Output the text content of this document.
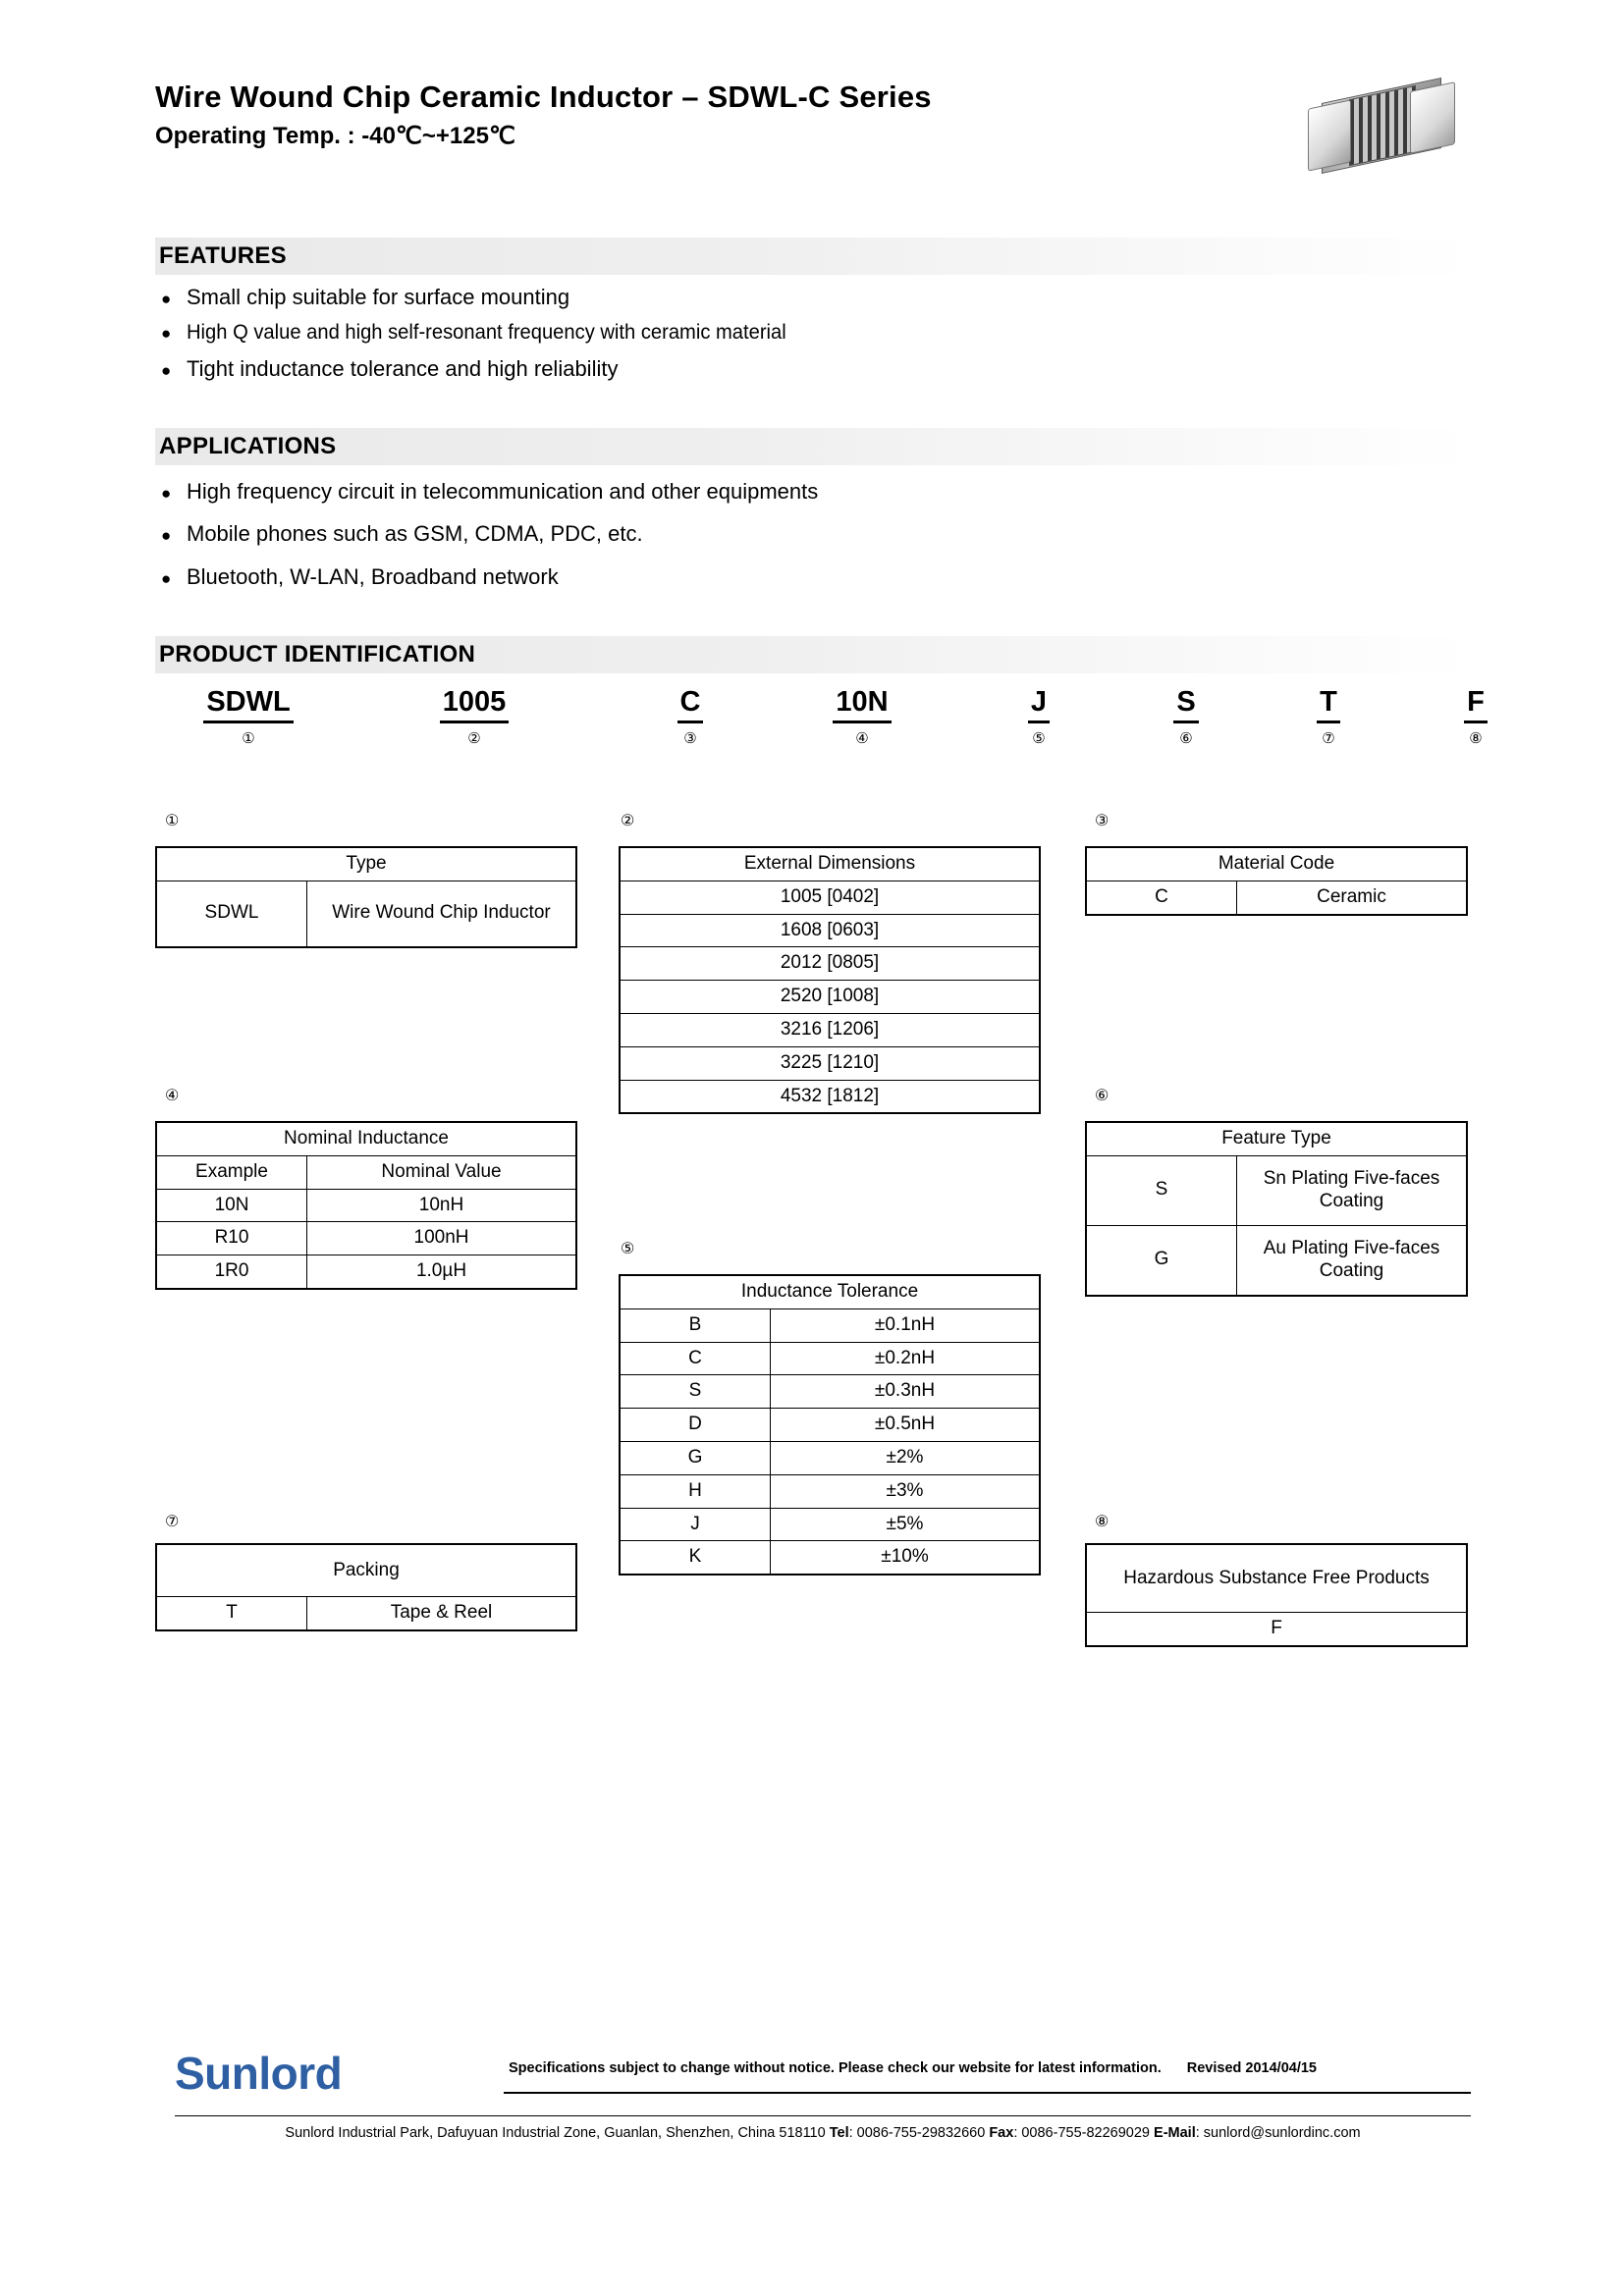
Wire Wound Chip Ceramic Inductor – SDWL-C Series
Operating Temp. : -40℃~+125℃
FEATURES
● Small chip suitable for surface mounting
● High Q value and high self-resonant frequency with ceramic material
● Tight inductance tolerance and high reliability
APPLICATIONS
● High frequency circuit in telecommunication and other equipments
● Mobile phones such as GSM, CDMA, PDC, etc.
● Bluetooth, W-LAN, Broadband network
PRODUCT IDENTIFICATION
SDWL
①
1005
②
C
③
10N
④
J
⑤
S
⑥
T
⑦
F
⑧
①
Type
SDWL	Wire Wound Chip Inductor
②
External Dimensions
1005 [0402]
1608 [0603]
2012 [0805]
2520 [1008]
3216 [1206]
3225 [1210]
4532 [1812]
③
Material Code
C	Ceramic
④
Nominal Inductance	
Example	Nominal Value
10N	10nH
R10	100nH
1R0	1.0µH
⑥
Feature Type	
S	Sn Plating Five-faces Coating
G	Au Plating Five-faces Coating
⑤
Inductance Tolerance	
B	±0.1nH
C	±0.2nH
S	±0.3nH
D	±0.5nH
G	±2%
H	±3%
J	±5%
K	±10%
⑦
Packing
T	Tape & Reel
⑧
Hazardous Substance Free Products
F
Sunlord	Specifications subject to change without notice. Please check our website for latest information. Revised 2014/04/15
Sunlord Industrial Park, Dafuyuan Industrial Zone, Guanlan, Shenzhen, China 518110 Tel: 0086-755-29832660 Fax: 0086-755-82269029 E-Mail: sunlord@sunlordinc.com
